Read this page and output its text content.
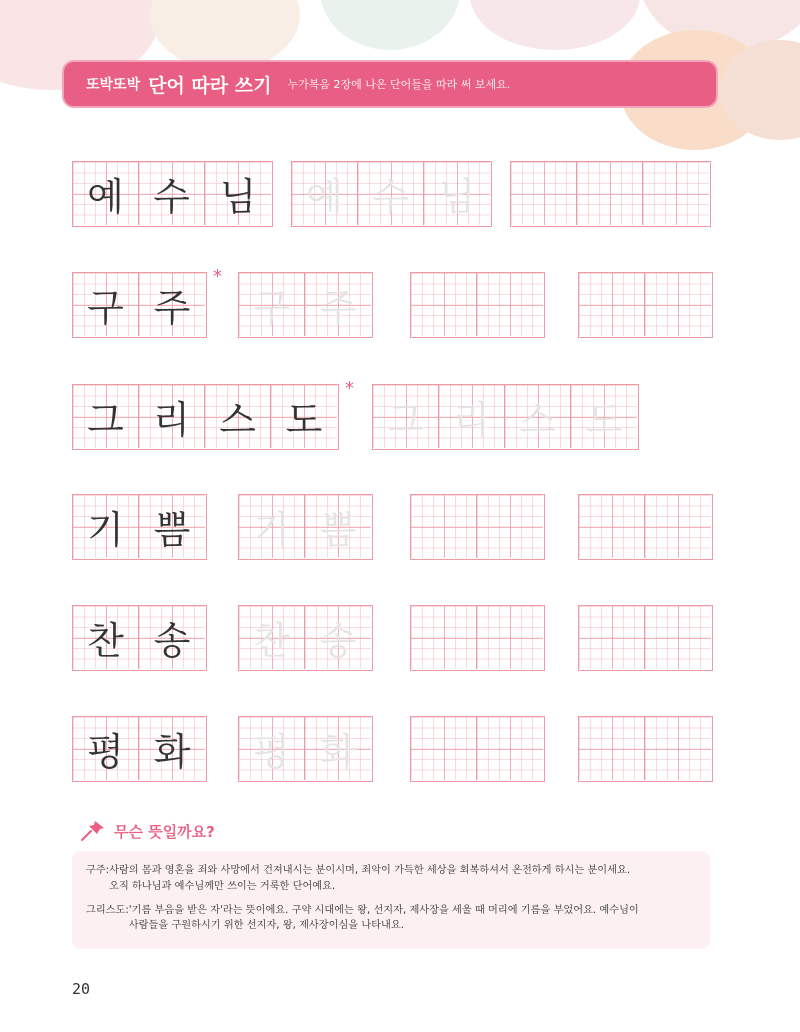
또박또박 단어 따라 쓰기 누가복음 2장에 나온 단어들을 따라 써 보세요.
예 수 님 예 수 님
구 주 구 주
*
그 리 스 도 그 리 스 도
*
기 쁨 기 쁨
찬 송 찬 송
평 화 평 화
무슨 뜻일까요?
구주: 사람의 몸과 영혼을 죄와 사망에서 건져내시는 분이시며, 죄악이 가득한 세상을 회복하셔서 온전하게 하시는 분이세요.
오직 하나님과 예수님께만 쓰이는 거룩한 단어예요.
그리스도: '기름 부음을 받은 자'라는 뜻이에요. 구약 시대에는 왕, 선지자, 제사장을 세울 때 머리에 기름을 부었어요. 예수님이
사람들을 구원하시기 위한 선지자, 왕, 제사장이심을 나타내요.
20
